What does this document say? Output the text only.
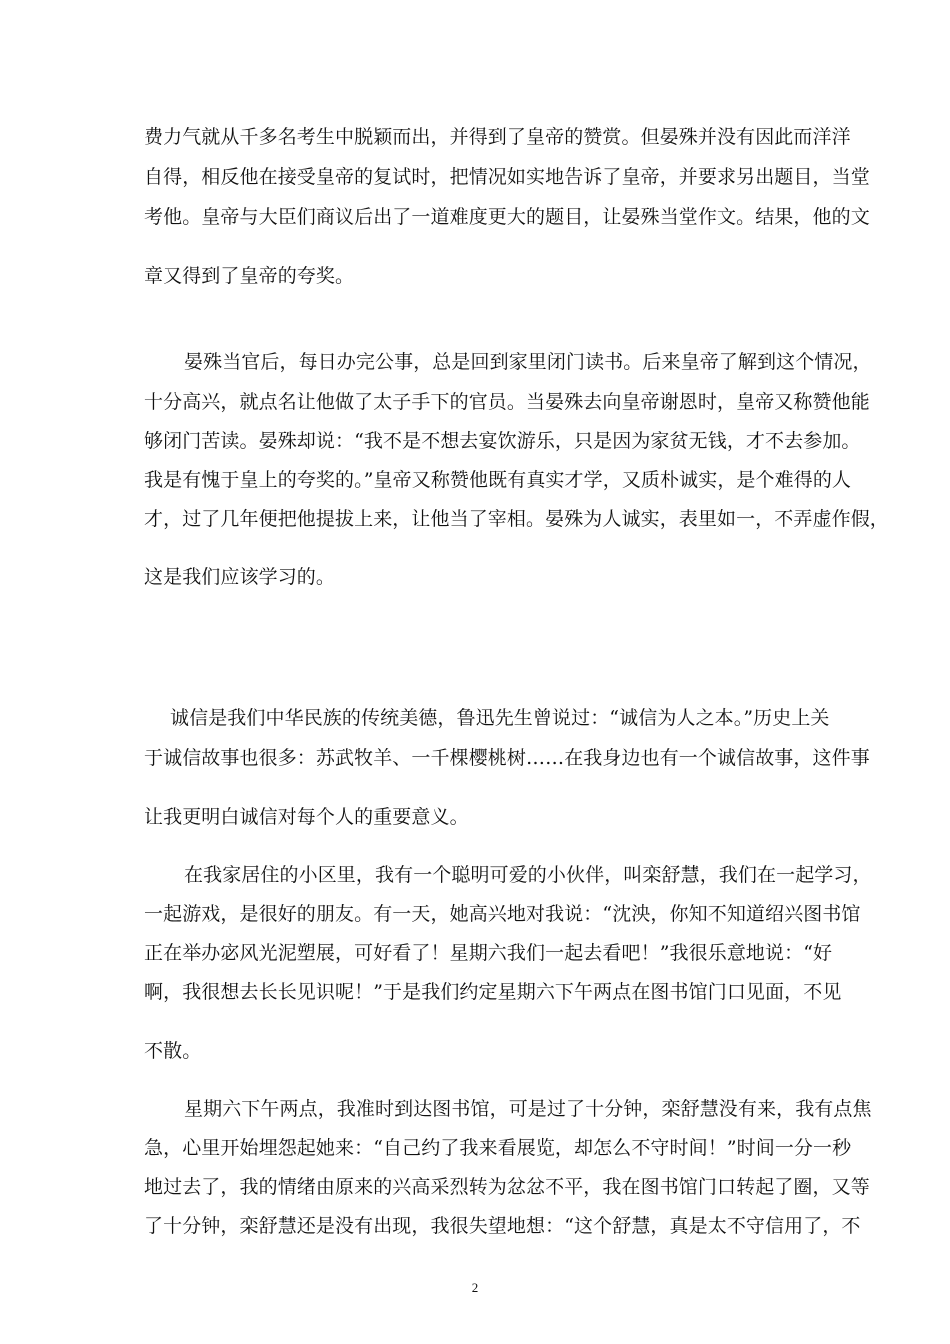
费力气就从千多名考生中脱颖而出，并得到了皇帝的赞赏。但晏殊并没有因此而洋洋
自得，相反他在接受皇帝的复试时，把情况如实地告诉了皇帝，并要求另出题目，当堂
考他。皇帝与大臣们商议后出了一道难度更大的题目，让晏殊当堂作文。结果，他的文
章又得到了皇帝的夸奖。
晏殊当官后，每日办完公事，总是回到家里闭门读书。后来皇帝了解到这个情况，
十分高兴，就点名让他做了太子手下的官员。当晏殊去向皇帝谢恩时，皇帝又称赞他能
够闭门苦读。晏殊却说：“我不是不想去宴饮游乐，只是因为家贫无钱，才不去参加。
我是有愧于皇上的夸奖的。”皇帝又称赞他既有真实才学，又质朴诚实，是个难得的人
才，过了几年便把他提拔上来，让他当了宰相。晏殊为人诚实，表里如一，不弄虚作假，
这是我们应该学习的。
诚信是我们中华民族的传统美德，鲁迅先生曾说过：“诚信为人之本。”历史上关
于诚信故事也很多：苏武牧羊、一千棵樱桃树……在我身边也有一个诚信故事，这件事
让我更明白诚信对每个人的重要意义。
在我家居住的小区里，我有一个聪明可爱的小伙伴，叫栾舒慧，我们在一起学习，
一起游戏，是很好的朋友。有一天，她高兴地对我说：“沈泱，你知不知道绍兴图书馆
正在举办宓风光泥塑展，可好看了！星期六我们一起去看吧！”我很乐意地说：“好
啊，我很想去长长见识呢！”于是我们约定星期六下午两点在图书馆门口见面，不见
不散。
星期六下午两点，我准时到达图书馆，可是过了十分钟，栾舒慧没有来，我有点焦
急，心里开始埋怨起她来：“自己约了我来看展览，却怎么不守时间！”时间一分一秒
地过去了，我的情绪由原来的兴高采烈转为忿忿不平，我在图书馆门口转起了圈，又等
了十分钟，栾舒慧还是没有出现，我很失望地想：“这个舒慧，真是太不守信用了，不
2
